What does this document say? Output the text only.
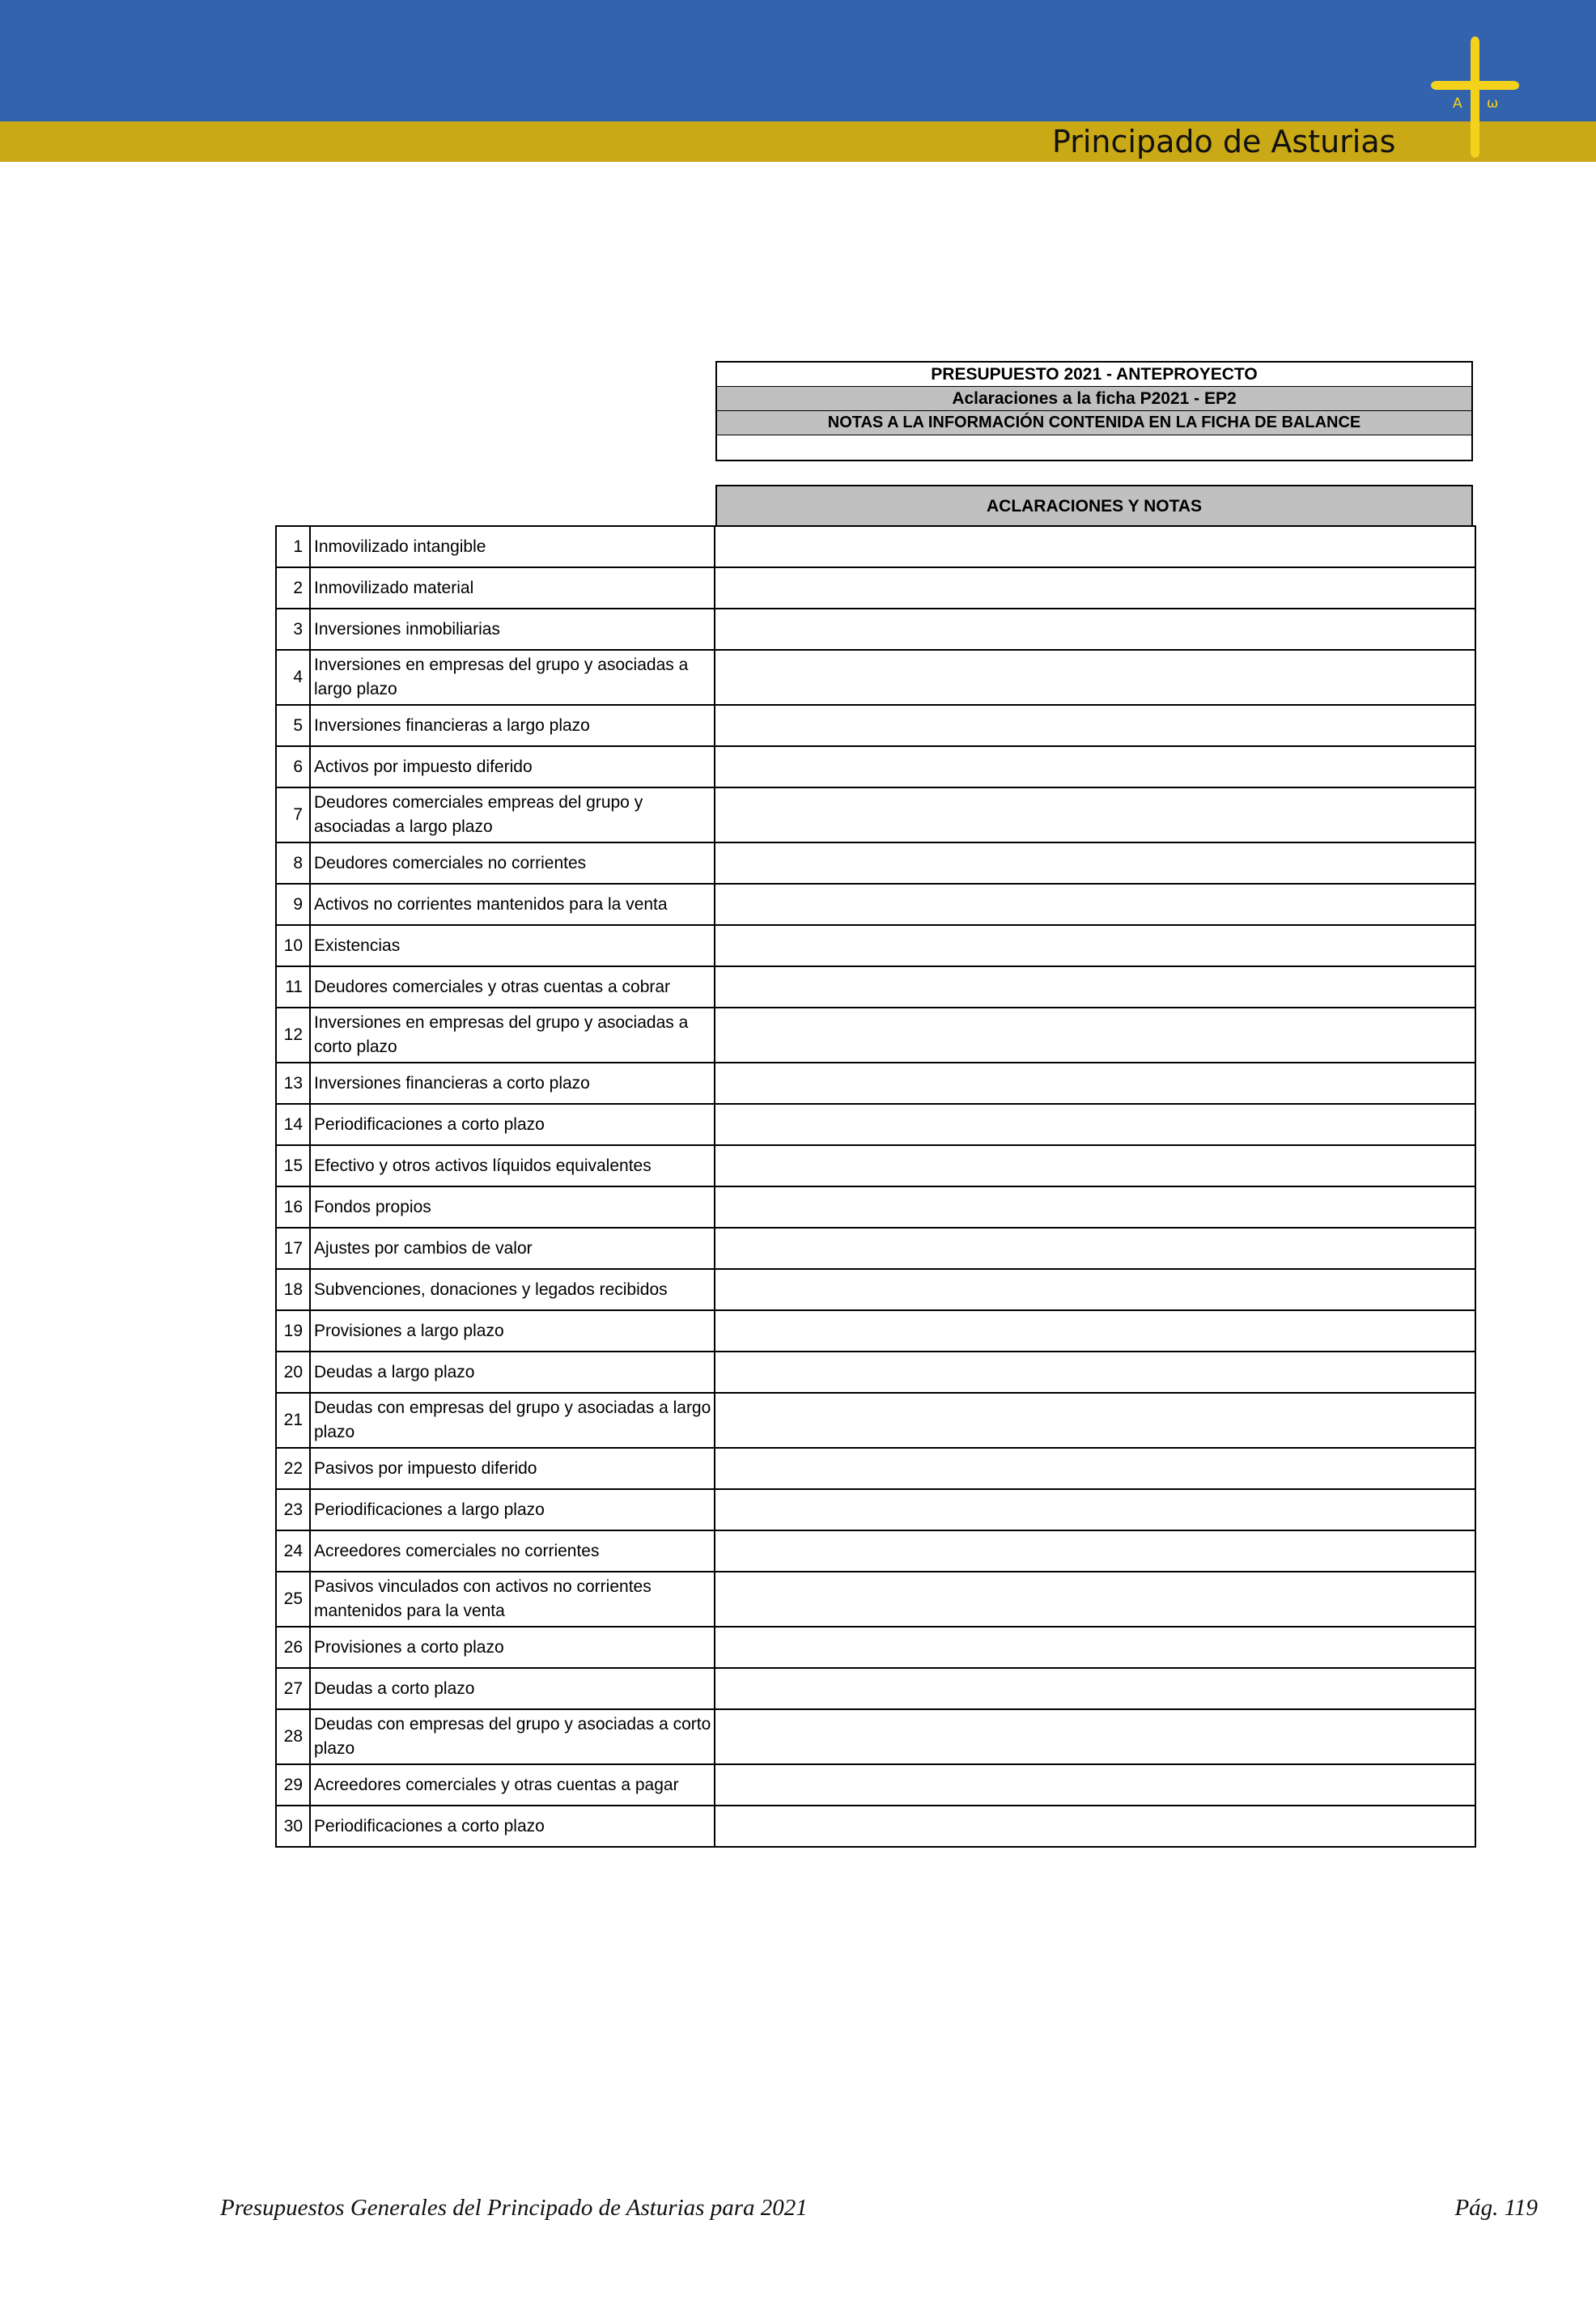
Principado de Asturias
A ω
PRESUPUESTO 2021 - ANTEPROYECTO
Aclaraciones a la ficha P2021 - EP2
NOTAS A LA INFORMACIÓN CONTENIDA EN LA FICHA DE BALANCE
ACLARACIONES Y NOTAS
1	Inmovilizado intangible	
2	Inmovilizado material	
3	Inversiones inmobiliarias	
4	Inversiones en empresas del grupo y asociadas a largo plazo	
5	Inversiones financieras a largo plazo	
6	Activos por impuesto diferido	
7	Deudores comerciales empreas del grupo y asociadas a largo plazo	
8	Deudores comerciales no corrientes	
9	Activos no corrientes mantenidos para la venta	
10	Existencias	
11	Deudores comerciales y otras cuentas a cobrar	
12	Inversiones en empresas del grupo y asociadas a corto plazo	
13	Inversiones financieras a corto plazo	
14	Periodificaciones a corto plazo	
15	Efectivo y otros activos líquidos equivalentes	
16	Fondos propios	
17	Ajustes por cambios de valor	
18	Subvenciones, donaciones y legados recibidos	
19	Provisiones a largo plazo	
20	Deudas a largo plazo	
21	Deudas con empresas del grupo y asociadas a largo plazo	
22	Pasivos por impuesto diferido	
23	Periodificaciones a largo plazo	
24	Acreedores comerciales no corrientes	
25	Pasivos vinculados con activos no corrientes mantenidos para la venta	
26	Provisiones a corto plazo	
27	Deudas a corto plazo	
28	Deudas con empresas del grupo y asociadas a corto plazo	
29	Acreedores comerciales y otras cuentas a pagar	
30	Periodificaciones a corto plazo	
Presupuestos Generales del Principado de Asturias para 2021	Pág. 119
